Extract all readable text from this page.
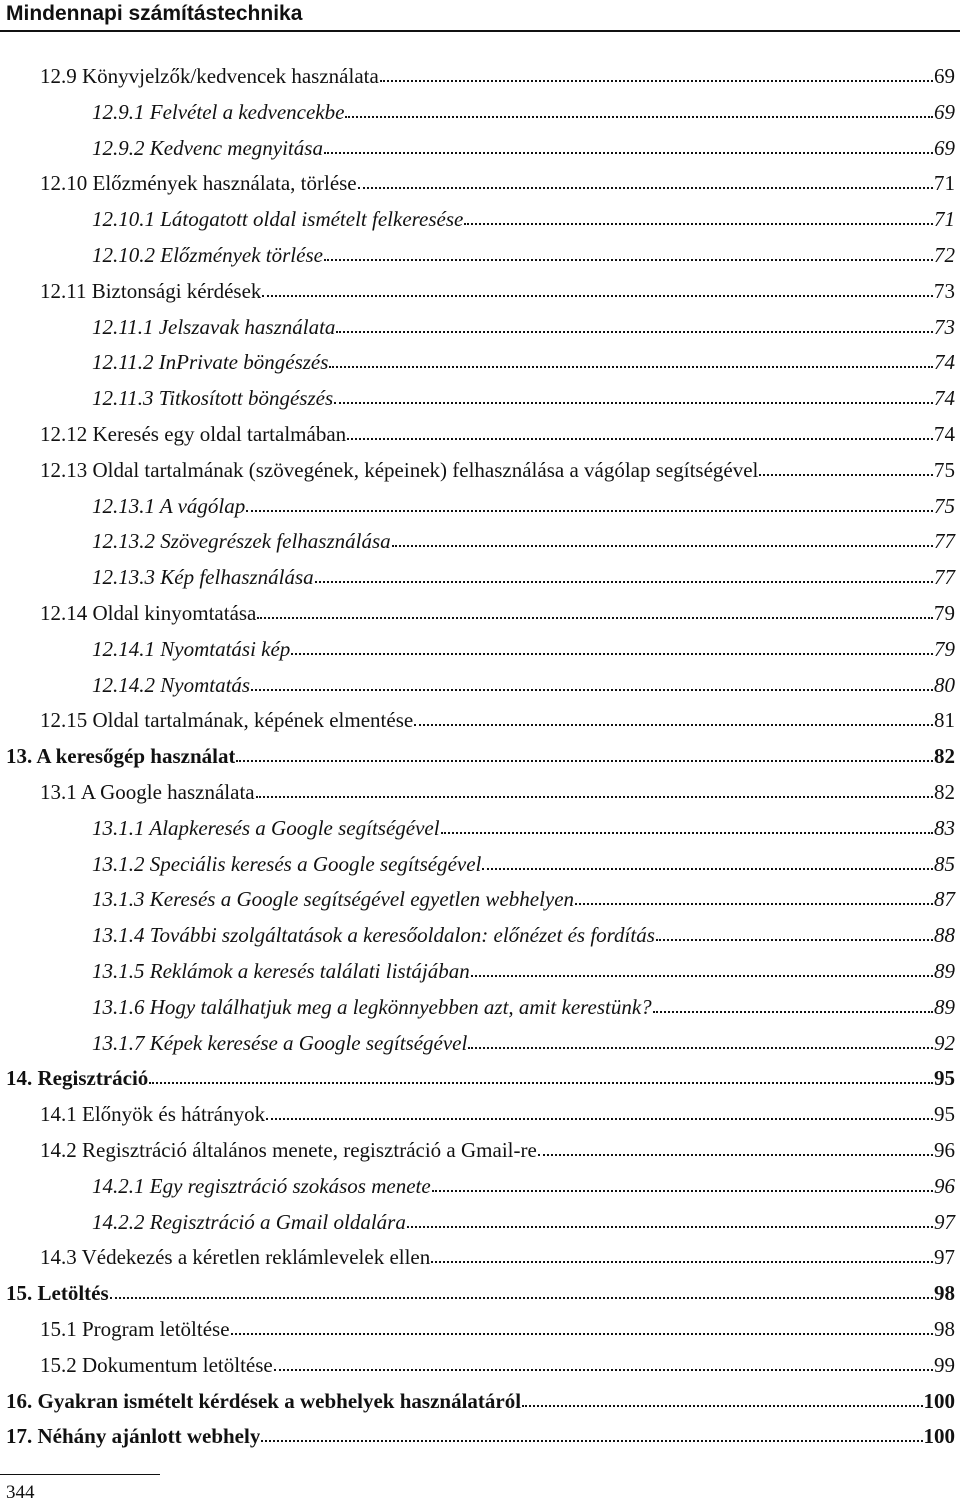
Mindennapi számítástechnika
12.9 Könyvjelzők/kedvencek használata	69
12.9.1 Felvétel a kedvencekbe	69
12.9.2 Kedvenc megnyitása	69
12.10 Előzmények használata, törlése	71
12.10.1 Látogatott oldal ismételt felkeresése	71
12.10.2 Előzmények törlése	72
12.11 Biztonsági kérdések	73
12.11.1 Jelszavak használata	73
12.11.2 InPrivate böngészés	74
12.11.3 Titkosított böngészés	74
12.12 Keresés egy oldal tartalmában	74
12.13 Oldal tartalmának (szövegének, képeinek) felhasználása a vágólap segítségével	75
12.13.1 A vágólap	75
12.13.2 Szövegrészek felhasználása	77
12.13.3 Kép felhasználása	77
12.14 Oldal kinyomtatása	79
12.14.1 Nyomtatási kép	79
12.14.2 Nyomtatás	80
12.15 Oldal tartalmának, képének elmentése	81
13. A keresőgép használat	82
13.1 A Google használata	82
13.1.1 Alapkeresés a Google segítségével	83
13.1.2 Speciális keresés a Google segítségével	85
13.1.3 Keresés a Google segítségével egyetlen webhelyen	87
13.1.4 További szolgáltatások a keresőoldalon: előnézet és fordítás	88
13.1.5 Reklámok a keresés találati listájában	89
13.1.6 Hogy találhatjuk meg a legkönnyebben azt, amit kerestünk?	89
13.1.7 Képek keresése a Google segítségével	92
14. Regisztráció	95
14.1 Előnyök és hátrányok	95
14.2 Regisztráció általános menete, regisztráció a Gmail-re	96
14.2.1 Egy regisztráció szokásos menete	96
14.2.2 Regisztráció a Gmail oldalára	97
14.3 Védekezés a kéretlen reklámlevelek ellen	97
15. Letöltés	98
15.1 Program letöltése	98
15.2 Dokumentum letöltése	99
16. Gyakran ismételt kérdések a webhelyek használatáról	100
17. Néhány ajánlott webhely	100
344
